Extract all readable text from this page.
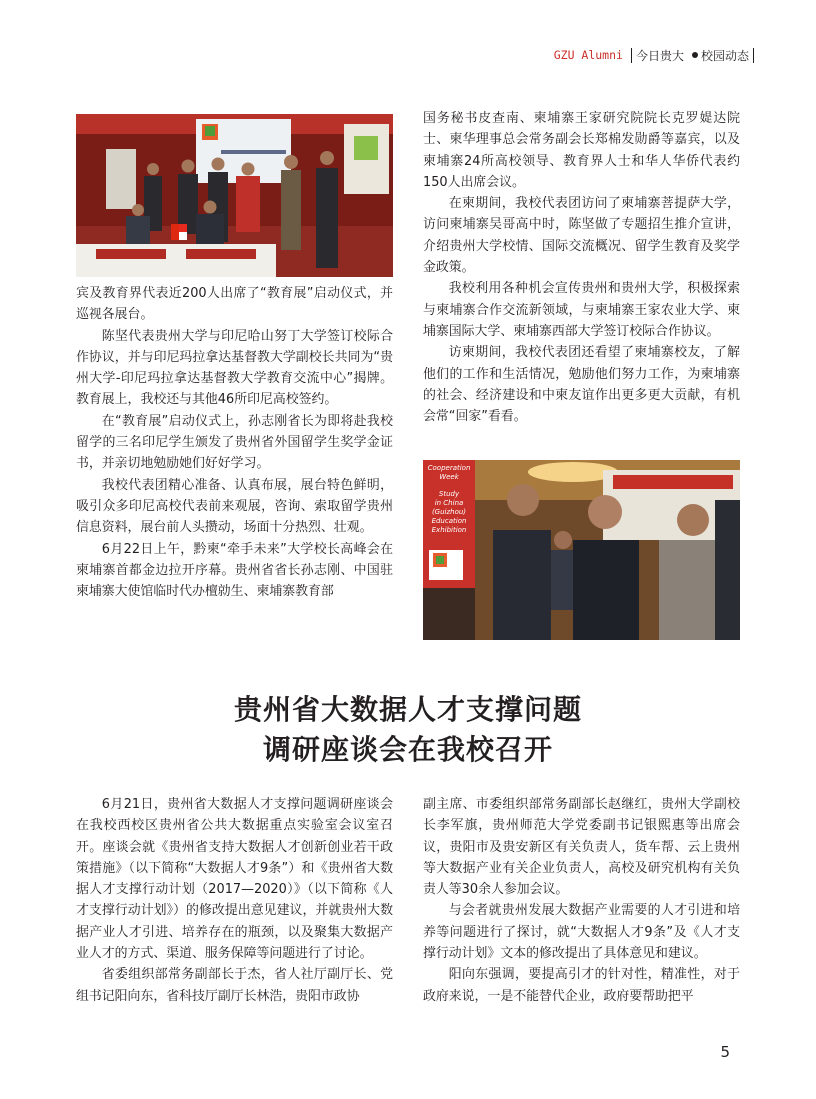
GZU Alumni 今日贵大 校园动态

宾及教育界代表近200人出席了“教育展”启动仪式，并巡视各展台。

陈坚代表贵州大学与印尼哈山努丁大学签订校际合作协议，并与印尼玛拉拿达基督教大学副校长共同为“贵州大学-印尼玛拉拿达基督教大学教育交流中心”揭牌。教育展上，我校还与其他46所印尼高校签约。

在“教育展”启动仪式上，孙志刚省长为即将赴我校留学的三名印尼学生颁发了贵州省外国留学生奖学金证书，并亲切地勉励她们好好学习。

我校代表团精心准备、认真布展，展台特色鲜明，吸引众多印尼高校代表前来观展，咨询、索取留学贵州信息资料，展台前人头攒动，场面十分热烈、壮观。

6月22日上午，黔柬“牵手未来”大学校长高峰会在柬埔寨首都金边拉开序幕。贵州省省长孙志刚、中国驻柬埔寨大使馆临时代办檀勍生、柬埔寨教育部

国务秘书皮查南、柬埔寨王家研究院院长克罗媞达院士、柬华理事总会常务副会长郑棉发勋爵等嘉宾，以及柬埔寨24所高校领导、教育界人士和华人华侨代表约150人出席会议。

在柬期间，我校代表团访问了柬埔寨菩提萨大学，访问柬埔寨吴哥高中时，陈坚做了专题招生推介宣讲，介绍贵州大学校情、国际交流概况、留学生教育及奖学金政策。

我校利用各种机会宣传贵州和贵州大学，积极探索与柬埔寨合作交流新领域，与柬埔寨王家农业大学、柬埔寨国际大学、柬埔寨西部大学签订校际合作协议。

访柬期间，我校代表团还看望了柬埔寨校友，了解他们的工作和生活情况，勉励他们努力工作，为柬埔寨的社会、经济建设和中柬友谊作出更多更大贡献，有机会常“回家”看看。

Cooperation
Week
Study
in China
(Guizhou)
Education
Exhibition
贵州省大数据人才支撑问题
调研座谈会在我校召开

6月21日，贵州省大数据人才支撑问题调研座谈会在我校西校区贵州省公共大数据重点实验室会议室召开。座谈会就《贵州省支持大数据人才创新创业若干政策措施》（以下简称“大数据人才9条”）和《贵州省大数据人才支撑行动计划（2017—2020）》（以下简称《人才支撑行动计划》）的修改提出意见建议，并就贵州大数据产业人才引进、培养存在的瓶颈，以及聚集大数据产业人才的方式、渠道、服务保障等问题进行了讨论。

省委组织部常务副部长于杰，省人社厅副厅长、党组书记阳向东，省科技厅副厅长林浩，贵阳市政协

副主席、市委组织部常务副部长赵继红，贵州大学副校长李军旗，贵州师范大学党委副书记银熙惠等出席会议，贵阳市及贵安新区有关负责人，货车帮、云上贵州等大数据产业有关企业负责人，高校及研究机构有关负责人等30余人参加会议。

与会者就贵州发展大数据产业需要的人才引进和培养等问题进行了探讨，就“大数据人才9条”及《人才支撑行动计划》文本的修改提出了具体意见和建议。

阳向东强调，要提高引才的针对性，精准性，对于政府来说，一是不能替代企业，政府要帮助把平

5
